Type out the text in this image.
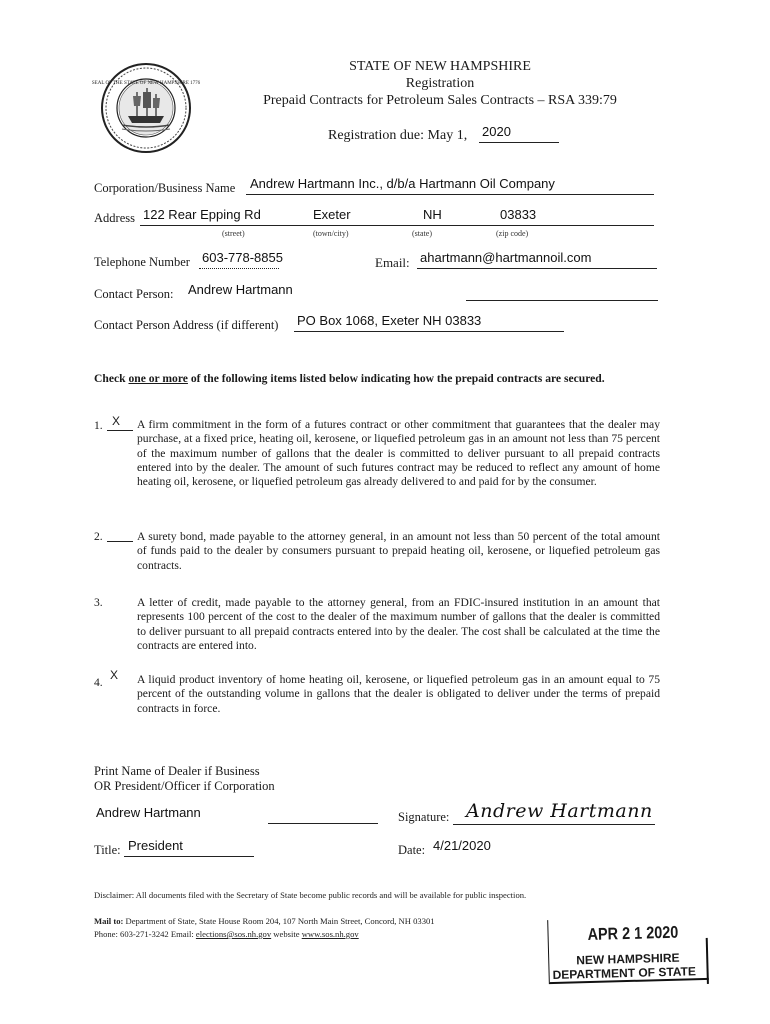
SEAL OF THE STATE OF NEW HAMPSHIRE 1776
STATE OF NEW HAMPSHIRE
Registration
Prepaid Contracts for Petroleum Sales Contracts – RSA 339:79
Registration due: May 1, 2020
Corporation/Business Name Andrew Hartmann Inc., d/b/a Hartmann Oil Company
Address 122 Rear Epping Rd	Exeter	NH	03833
(street)	(town/city)	(state)	(zip code)
Telephone Number 603-778-8855	Email: ahartmann@hartmannoil.com
Contact Person: Andrew Hartmann
Contact Person Address (if different) PO Box 1068, Exeter NH 03833
Check one or more of the following items listed below indicating how the prepaid contracts are secured.
1. X A firm commitment in the form of a futures contract or other commitment that guarantees that the dealer may purchase, at a fixed price, heating oil, kerosene, or liquefied petroleum gas in an amount not less than 75 percent of the maximum number of gallons that the dealer is committed to deliver pursuant to all prepaid contracts entered into by the dealer. The amount of such futures contract may be reduced to reflect any amount of home heating oil, kerosene, or liquefied petroleum gas already delivered to and paid for by the consumer.
2.	A surety bond, made payable to the attorney general, in an amount not less than 50 percent of the total amount of funds paid to the dealer by consumers pursuant to prepaid heating oil, kerosene, or liquefied petroleum gas contracts.
3.	A letter of credit, made payable to the attorney general, from an FDIC-insured institution in an amount that represents 100 percent of the cost to the dealer of the maximum number of gallons that the dealer is committed to deliver pursuant to all prepaid contracts entered into by the dealer. The cost shall be calculated at the time the contracts are entered into.
4.
X A liquid product inventory of home heating oil, kerosene, or liquefied petroleum gas in an amount equal to 75 percent of the outstanding volume in gallons that the dealer is obligated to deliver under the terms of prepaid contracts in force.
Print Name of Dealer if Business
OR President/Officer if Corporation
Andrew Hartmann	Signature: Andrew Hartmann
Title: President	Date: 4/21/2020
Disclaimer: All documents filed with the Secretary of State become public records and will be available for public inspection.
Mail to: Department of State, State House Room 204, 107 North Main Street, Concord, NH 03301
Phone: 603-271-3242 Email: elections@sos.nh.gov website www.sos.nh.gov	APR 2 1 2020
NEW HAMPSHIRE
DEPARTMENT OF STATE
